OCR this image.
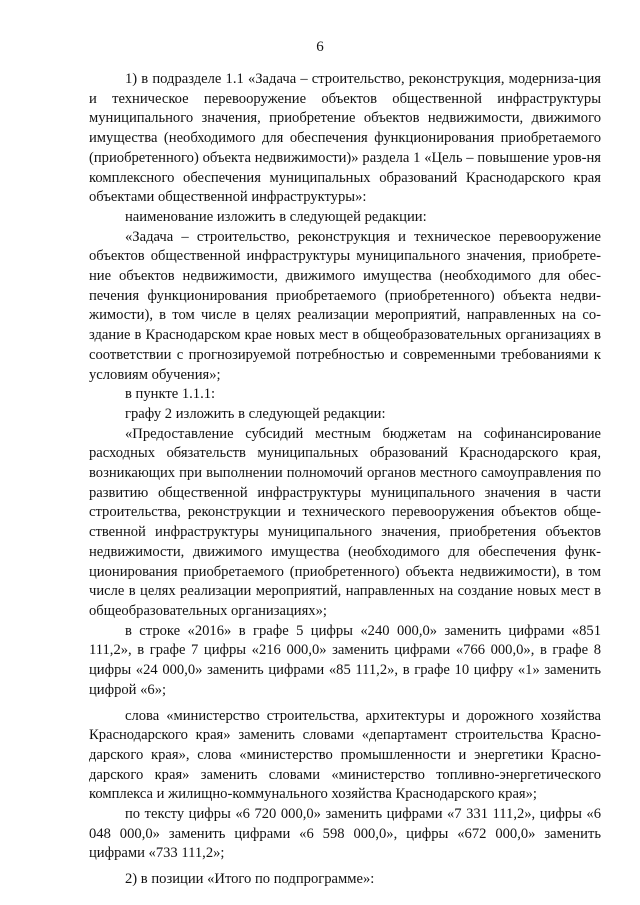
6

1) в подразделе 1.1 «Задача – строительство, реконструкция, модерниза-ция и техническое перевооружение объектов общественной инфраструктуры муниципального значения, приобретение объектов недвижимости, движимого имущества (необходимого для обеспечения функционирования приобретаемого (приобретенного) объекта недвижимости)» раздела 1 «Цель – повышение уров-ня комплексного обеспечения муниципальных образований Краснодарского края объектами общественной инфраструктуры»:

наименование изложить в следующей редакции:

«Задача – строительство, реконструкция и техническое перевооружение объектов общественной инфраструктуры муниципального значения, приобрете-ние объектов недвижимости, движимого имущества (необходимого для обес-печения функционирования приобретаемого (приобретенного) объекта недви-жимости), в том числе в целях реализации мероприятий, направленных на со-здание в Краснодарском крае новых мест в общеобразовательных организациях в соответствии с прогнозируемой потребностью и современными требованиями к условиям обучения»;

в пункте 1.1.1:

графу 2 изложить в следующей редакции:

«Предоставление субсидий местным бюджетам на софинансирование расходных обязательств муниципальных образований Краснодарского края, возникающих при выполнении полномочий органов местного самоуправления по развитию общественной инфраструктуры муниципального значения в части строительства, реконструкции и технического перевооружения объектов обще-ственной инфраструктуры муниципального значения, приобретения объектов недвижимости, движимого имущества (необходимого для обеспечения функ-ционирования приобретаемого (приобретенного) объекта недвижимости), в том числе в целях реализации мероприятий, направленных на создание новых мест в общеобразовательных организациях»;

в строке «2016» в графе 5 цифры «240 000,0» заменить цифрами «851 111,2», в графе 7 цифры «216 000,0» заменить цифрами «766 000,0», в графе 8 цифры «24 000,0» заменить цифрами «85 111,2», в графе 10 цифру «1» заменить цифрой «6»;

слова «министерство строительства, архитектуры и дорожного хозяйства Краснодарского края» заменить словами «департамент строительства Красно-дарского края», слова «министерство промышленности и энергетики Красно-дарского края» заменить словами «министерство топливно-энергетического комплекса и жилищно-коммунального хозяйства Краснодарского края»;

по тексту цифры «6 720 000,0» заменить цифрами «7 331 111,2», цифры «6 048 000,0» заменить цифрами «6 598 000,0», цифры «672 000,0» заменить цифрами «733 111,2»;

2) в позиции «Итого по подпрограмме»:
